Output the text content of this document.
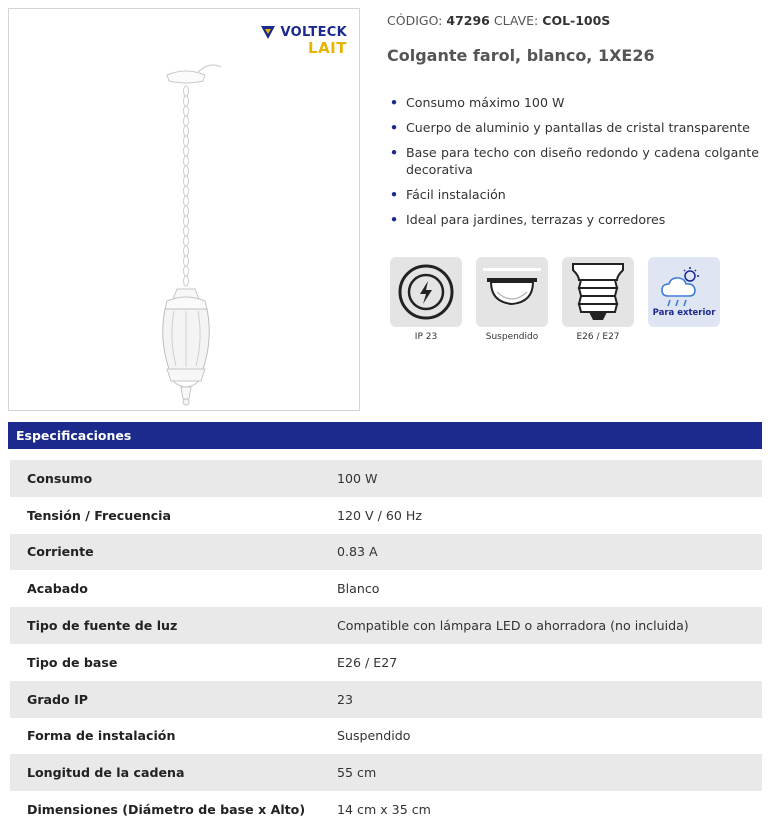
VOLTECK
LAIT
CÓDIGO: 47296 CLAVE: COL-100S
Colgante farol, blanco, 1XE26
• Consumo máximo 100 W
• Cuerpo de aluminio y pantallas de cristal transparente
• Base para techo con diseño redondo y cadena colgante decorativa
• Fácil instalación
• Ideal para jardines, terrazas y corredores
IP 23	Suspendido	E26 / E27
Para exterior
Especificaciones
Consumo	100 W
Tensión / Frecuencia	120 V / 60 Hz
Corriente	0.83 A
Acabado	Blanco
Tipo de fuente de luz	Compatible con lámpara LED o ahorradora (no incluida)
Tipo de base	E26 / E27
Grado IP	23
Forma de instalación	Suspendido
Longitud de la cadena	55 cm
Dimensiones (Diámetro de base x Alto)	14 cm x 35 cm
